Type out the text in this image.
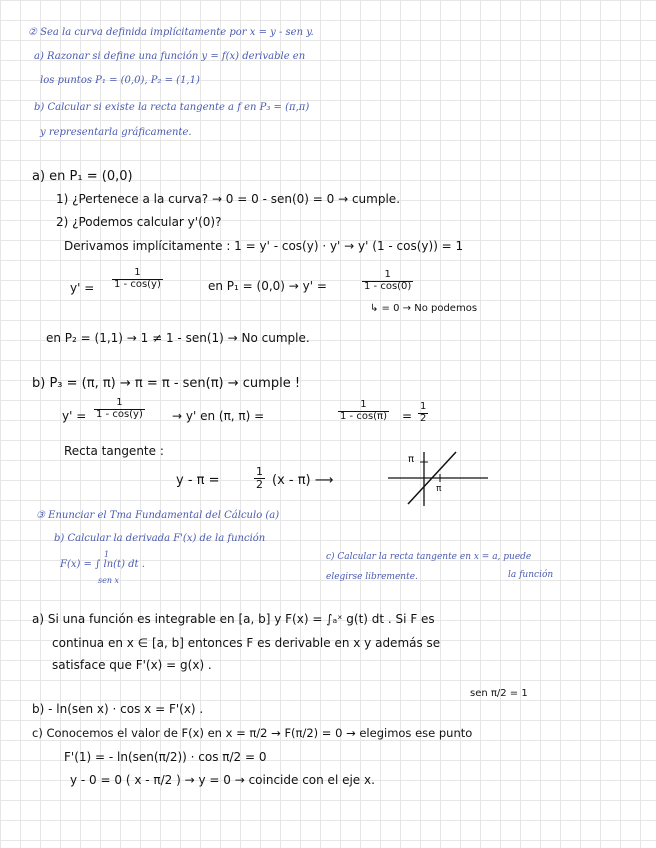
② Sea la curva definida implícitamente por x = y - sen y.
a) Razonar si define una función y = f(x) derivable en
los puntos P₁ = (0,0), P₂ = (1,1)
b) Calcular si existe la recta tangente a f en P₃ = (π,π)
y representarla gráficamente.
a) en P₁ = (0,0)
1) ¿Pertenece a la curva? → 0 = 0 - sen(0) = 0 → cumple.
2) ¿Podemos calcular y'(0)?
Derivamos implícitamente : 1 = y' - cos(y) · y' → y' (1 - cos(y)) = 1
$y' = \frac{1}{1 - \cos(y)}$	en P₁ = (0,0) → y' =	$\frac{1}{1 - \cos(0)}$
↳ = 0 → No podemos
en P₂ = (1,1) → 1 ≠ 1 - sen(1) → No cumple.
b) P₃ = (π, π) → π = π - sen(π) → cumple !
$y' = \frac{1}{1 - \cos(y)} \to y'$ en (π, π) =	$\frac{1}{1 - \cos(\pi)} = \frac{1}{2}$
Recta tangente :
y - π =	$\frac{1}{2} (x - \pi)$ ⟶
π
π
③ Enunciar el Tma Fundamental del Cálculo (a)
b) Calcular la derivada F'(x) de la función
F(x) = ∫ ln(t) dt .
sen x
1	c) Calcular la recta tangente en x = a, puede
elegirse libremente.	la función
a) Si una función es integrable en [a, b] y F(x) = ∫ₐˣ g(t) dt . Si F es
continua en x ∈ [a, b] entonces F es derivable en x y además se
satisface que F'(x) = g(x) .
sen π/2 = 1
b) - ln(sen x) · cos x = F'(x) .
c) Conocemos el valor de F(x) en x = π/2 → F(π/2) = 0 → elegimos ese punto
F'(1) = - ln(sen(π/2)) · cos π/2 = 0
y - 0 = 0 ( x - π/2 ) → y = 0 → coincide con el eje x.
